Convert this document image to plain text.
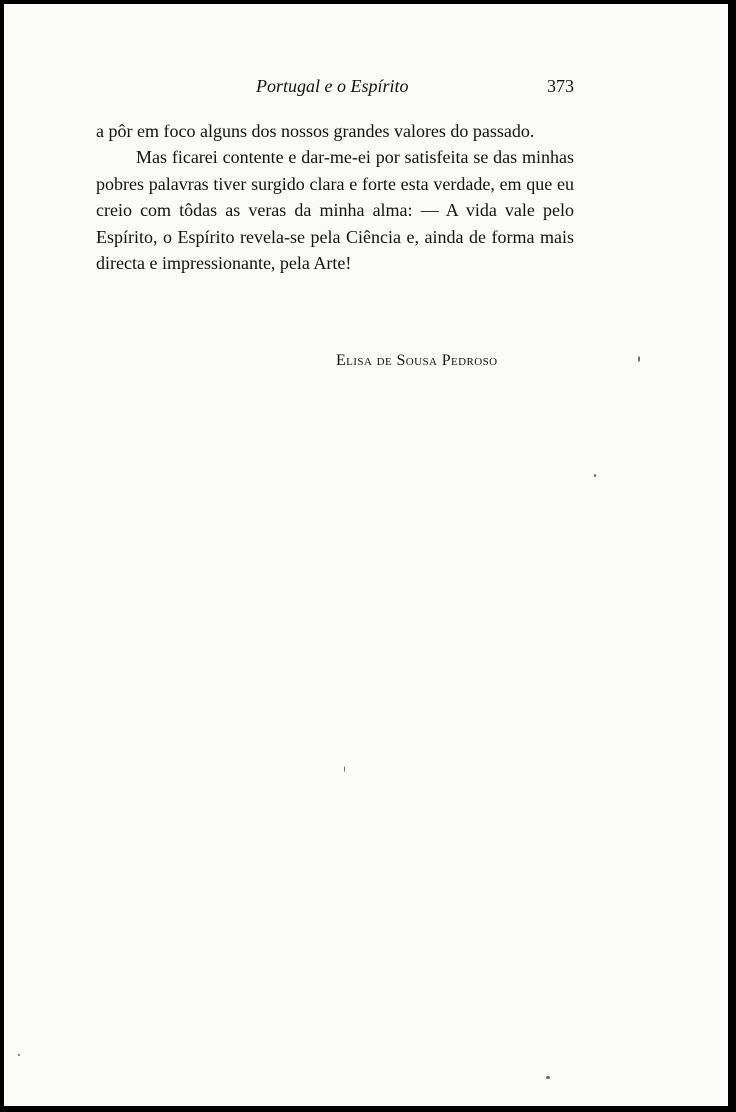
Portugal e o Espírito	373

a pôr em foco alguns dos nossos grandes valores do passado.

Mas ficarei contente e dar-me-ei por satisfeita se das minhas pobres palavras tiver surgido clara e forte esta verdade, em que eu creio com tôdas as veras da minha alma: — A vida vale pelo Espírito, o Espírito revela-se pela Ciência e, ainda de forma mais directa e impressionante, pela Arte!

Elisa de Sousa Pedroso
